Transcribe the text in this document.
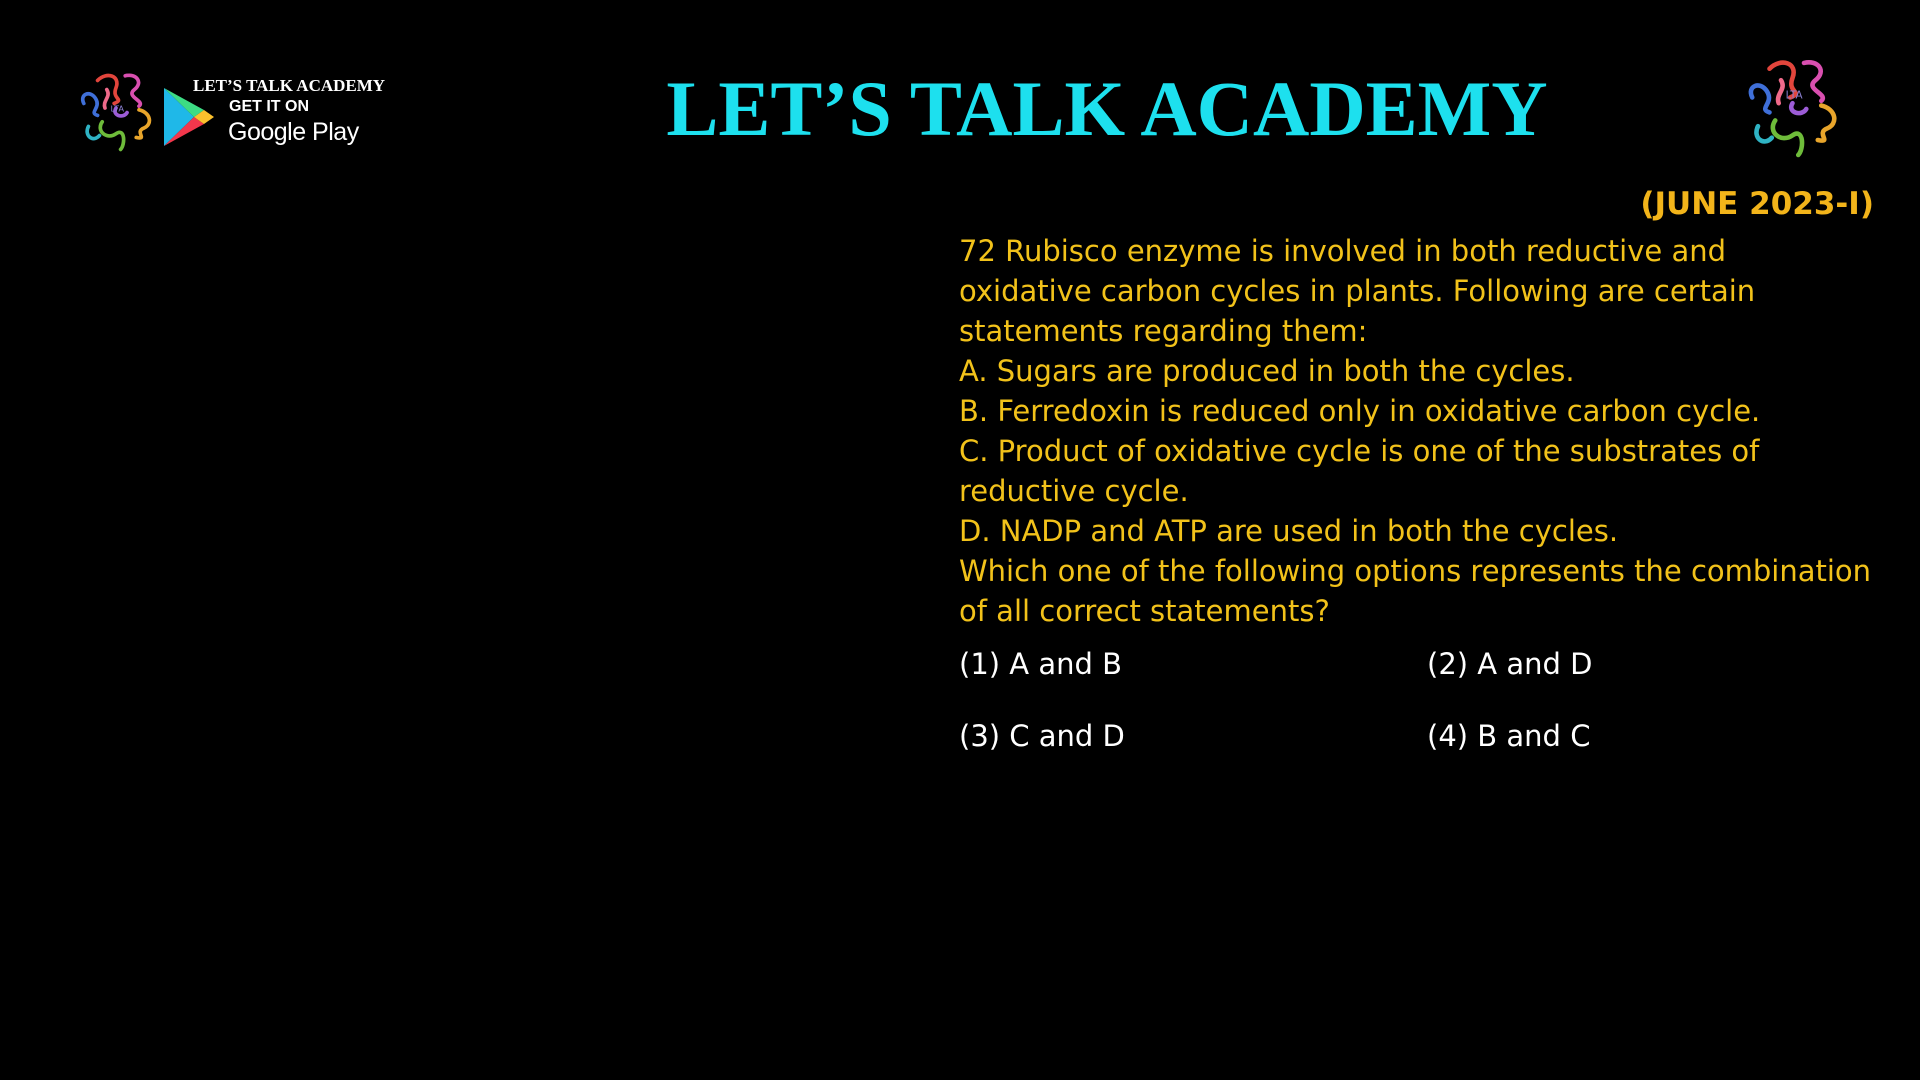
LTA
LET’S TALK ACADEMY
GET IT ON
Google Play	LET’S TALK ACADEMY	LTA
(JUNE 2023-I)
72 Rubisco enzyme is involved in both reductive and
oxidative carbon cycles in plants. Following are certain
statements regarding them:
A. Sugars are produced in both the cycles.
B. Ferredoxin is reduced only in oxidative carbon cycle.
C. Product of oxidative cycle is one of the substrates of
reductive cycle.
D. NADP and ATP are used in both the cycles.
Which one of the following options represents the combination
of all correct statements?
(1) A and B	(2) A and D
(3) C and D	(4) B and C
